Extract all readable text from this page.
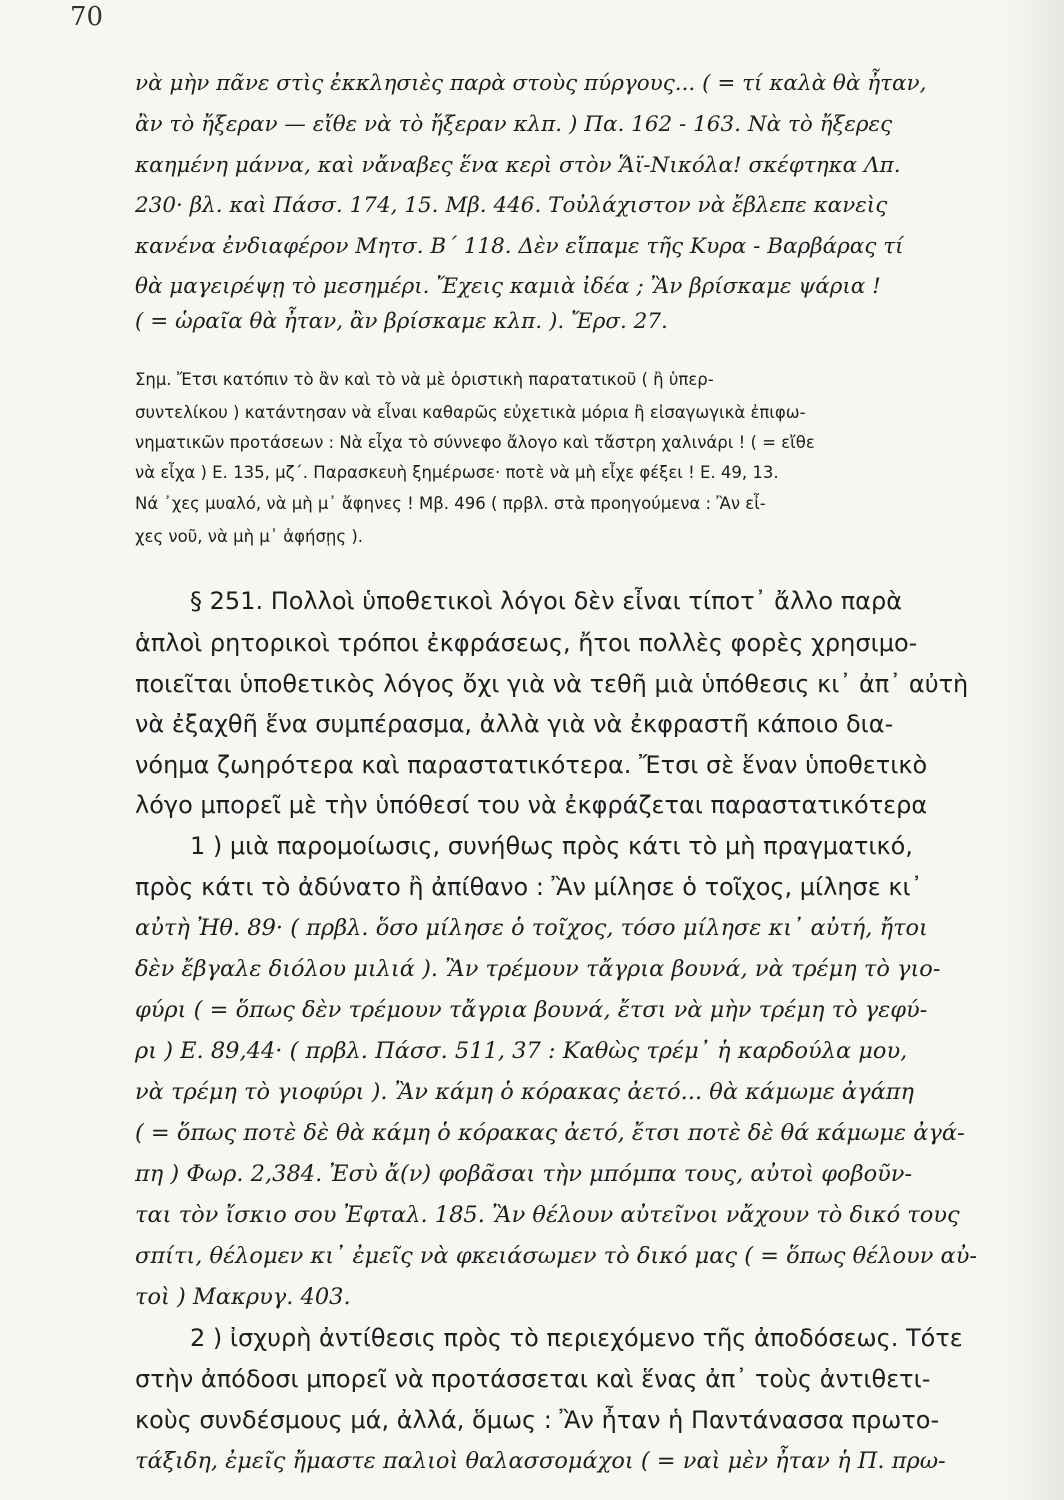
70

νὰ μὴν πᾶνε στὶς ἐκκλησιὲς παρὰ στοὺς πύργους... ( = τί καλὰ θὰ ἦταν,

ἂν τὸ ἤξεραν — εἴθε νὰ τὸ ἤξεραν κλπ. ) Πα. 162 - 163. Νὰ τὸ ἤξερες

καημένη μάννα, καὶ νἄναβες ἕνα κερὶ στὸν Ἅϊ-Νικόλα! σκέφτηκα Λπ.

230· βλ. καὶ Πάσσ. 174, 15. Μβ. 446. Τοὐλάχιστον νὰ ἔβλεπε κανεὶς

κανένα ἐνδιαφέρον Μητσ. Β΄ 118. Δὲν εἴπαμε τῆς Κυρα - Βαρβάρας τί

θὰ μαγειρέψῃ τὸ μεσημέρι. Ἔχεις καμιὰ ἰδέα ; Ἂν βρίσκαμε ψάρια !

( = ὡραῖα θὰ ἦταν, ἂν βρίσκαμε κλπ. ). Ἔρσ. 27.

Σημ. Ἔτσι κατόπιν τὸ ἂν καὶ τὸ νὰ μὲ ὁριστικὴ παρατατικοῦ ( ἢ ὑπερ-

συντελίκου ) κατάντησαν νὰ εἶναι καθαρῶς εὐχετικὰ μόρια ἢ εἰσαγωγικὰ ἐπιφω-

νηματικῶν προτάσεων : Νὰ εἶχα τὸ σύννεφο ἄλογο καὶ τἄστρη χαλινάρι ! ( = εἴθε

νὰ εἶχα ) Ε. 135, μζ΄. Παρασκευὴ ξημέρωσε· ποτὲ νὰ μὴ εἶχε φέξει ! Ε. 49, 13.

Νά ᾽χες μυαλό, νὰ μὴ μ᾽ ἄφηνες ! Μβ. 496 ( πρβλ. στὰ προηγούμενα : Ἂν εἶ-

χες νοῦ, νὰ μὴ μ᾽ ἀφήσῃς ).

§ 251. Πολλοὶ ὑποθετικοὶ λόγοι δὲν εἶναι τίποτ᾽ ἄλλο παρὰ

ἁπλοὶ ρητορικοὶ τρόποι ἐκφράσεως, ἤτοι πολλὲς φορὲς χρησιμο-

ποιεῖται ὑποθετικὸς λόγος ὄχι γιὰ νὰ τεθῆ μιὰ ὑπόθεσις κι᾽ ἀπ᾽ αὐτὴ

νὰ ἐξαχθῆ ἕνα συμπέρασμα, ἀλλὰ γιὰ νὰ ἐκφραστῆ κάποιο δια-

νόημα ζωηρότερα καὶ παραστατικότερα. Ἔτσι σὲ ἕναν ὑποθετικὸ

λόγο μπορεῖ μὲ τὴν ὑπόθεσί του νὰ ἐκφράζεται παραστατικότερα

1 ) μιὰ παρομοίωσις, συνήθως πρὸς κάτι τὸ μὴ πραγματικό,

πρὸς κάτι τὸ ἀδύνατο ἢ ἀπίθανο : Ἂν μίλησε ὁ τοῖχος, μίλησε κι᾽

αὐτὴ Ἠθ. 89· ( πρβλ. ὅσο μίλησε ὁ τοῖχος, τόσο μίλησε κι᾽ αὐτή, ἤτοι

δὲν ἔβγαλε διόλου μιλιά ). Ἂν τρέμουν τἄγρια βουνά, νὰ τρέμη τὸ γιο-

φύρι ( = ὅπως δὲν τρέμουν τἄγρια βουνά, ἔτσι νὰ μὴν τρέμη τὸ γεφύ-

ρι ) Ε. 89,44· ( πρβλ. Πάσσ. 511, 37 : Καθὼς τρέμ᾽ ἡ καρδούλα μου,

νὰ τρέμη τὸ γιοφύρι ). Ἂν κάμη ὁ κόρακας ἀετό... θὰ κάμωμε ἀγάπη

( = ὅπως ποτὲ δὲ θὰ κάμη ὁ κόρακας ἀετό, ἔτσι ποτὲ δὲ θά κάμωμε ἀγά-

πη ) Φωρ. 2,384. Ἐσὺ ἄ(ν) φοβᾶσαι τὴν μπόμπα τους, αὐτοὶ φοβοῦν-

ται τὸν ἴσκιο σου Ἐφταλ. 185. Ἂν θέλουν αὐτεῖνοι νἄχουν τὸ δικό τους

σπίτι, θέλομεν κι᾽ ἐμεῖς νὰ φκειάσωμεν τὸ δικό μας ( = ὅπως θέλουν αὐ-

τοὶ ) Μακρυγ. 403.

2 ) ἰσχυρὴ ἀντίθεσις πρὸς τὸ περιεχόμενο τῆς ἀποδόσεως. Τότε

στὴν ἀπόδοσι μπορεῖ νὰ προτάσσεται καὶ ἕνας ἀπ᾽ τοὺς ἀντιθετι-

κοὺς συνδέσμους μά, ἀλλά, ὅμως : Ἂν ἦταν ἡ Παντάνασσα πρωτο-

τάξιδη, ἐμεῖς ἤμαστε παλιοὶ θαλασσομάχοι ( = ναὶ μὲν ἦταν ἡ Π. πρω-
